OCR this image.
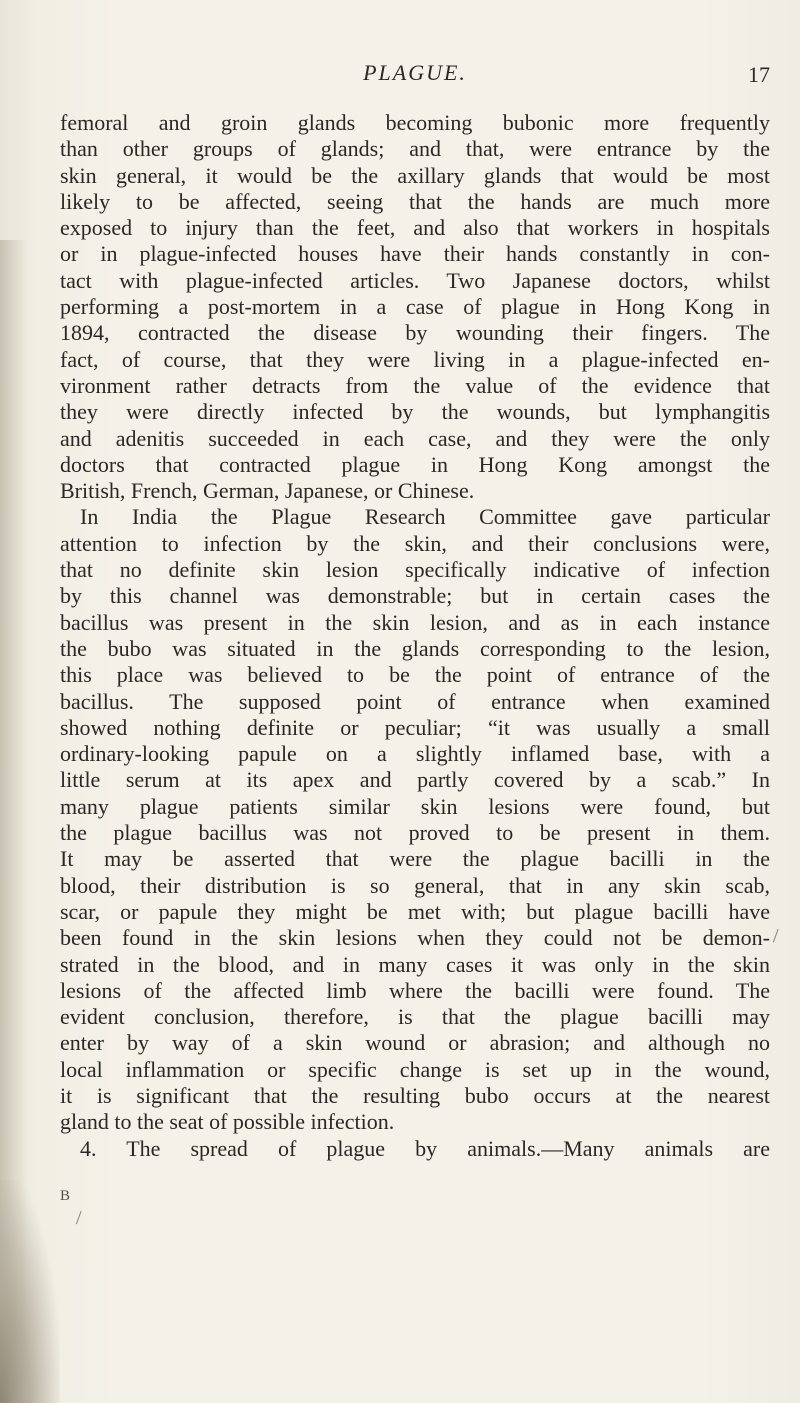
PLAGUE.	17
femoral and groin glands becoming bubonic more frequently
than other groups of glands; and that, were entrance by the
skin general, it would be the axillary glands that would be most
likely to be affected, seeing that the hands are much more
exposed to injury than the feet, and also that workers in hospitals
or in plague-infected houses have their hands constantly in con-
tact with plague-infected articles. Two Japanese doctors, whilst
performing a post-mortem in a case of plague in Hong Kong in
1894, contracted the disease by wounding their fingers. The
fact, of course, that they were living in a plague-infected en-
vironment rather detracts from the value of the evidence that
they were directly infected by the wounds, but lymphangitis
and adenitis succeeded in each case, and they were the only
doctors that contracted plague in Hong Kong amongst the
British, French, German, Japanese, or Chinese.
In India the Plague Research Committee gave particular
attention to infection by the skin, and their conclusions were,
that no definite skin lesion specifically indicative of infection
by this channel was demonstrable; but in certain cases the
bacillus was present in the skin lesion, and as in each instance
the bubo was situated in the glands corresponding to the lesion,
this place was believed to be the point of entrance of the
bacillus. The supposed point of entrance when examined
showed nothing definite or peculiar; “it was usually a small
ordinary-looking papule on a slightly inflamed base, with a
little serum at its apex and partly covered by a scab.” In
many plague patients similar skin lesions were found, but
the plague bacillus was not proved to be present in them.
It may be asserted that were the plague bacilli in the
blood, their distribution is so general, that in any skin scab,
scar, or papule they might be met with; but plague bacilli have
been found in the skin lesions when they could not be demon-
strated in the blood, and in many cases it was only in the skin
lesions of the affected limb where the bacilli were found. The
evident conclusion, therefore, is that the plague bacilli may
enter by way of a skin wound or abrasion; and although no
local inflammation or specific change is set up in the wound,
it is significant that the resulting bubo occurs at the nearest
gland to the seat of possible infection.
4. The spread of plague by animals.—Many animals are
B
